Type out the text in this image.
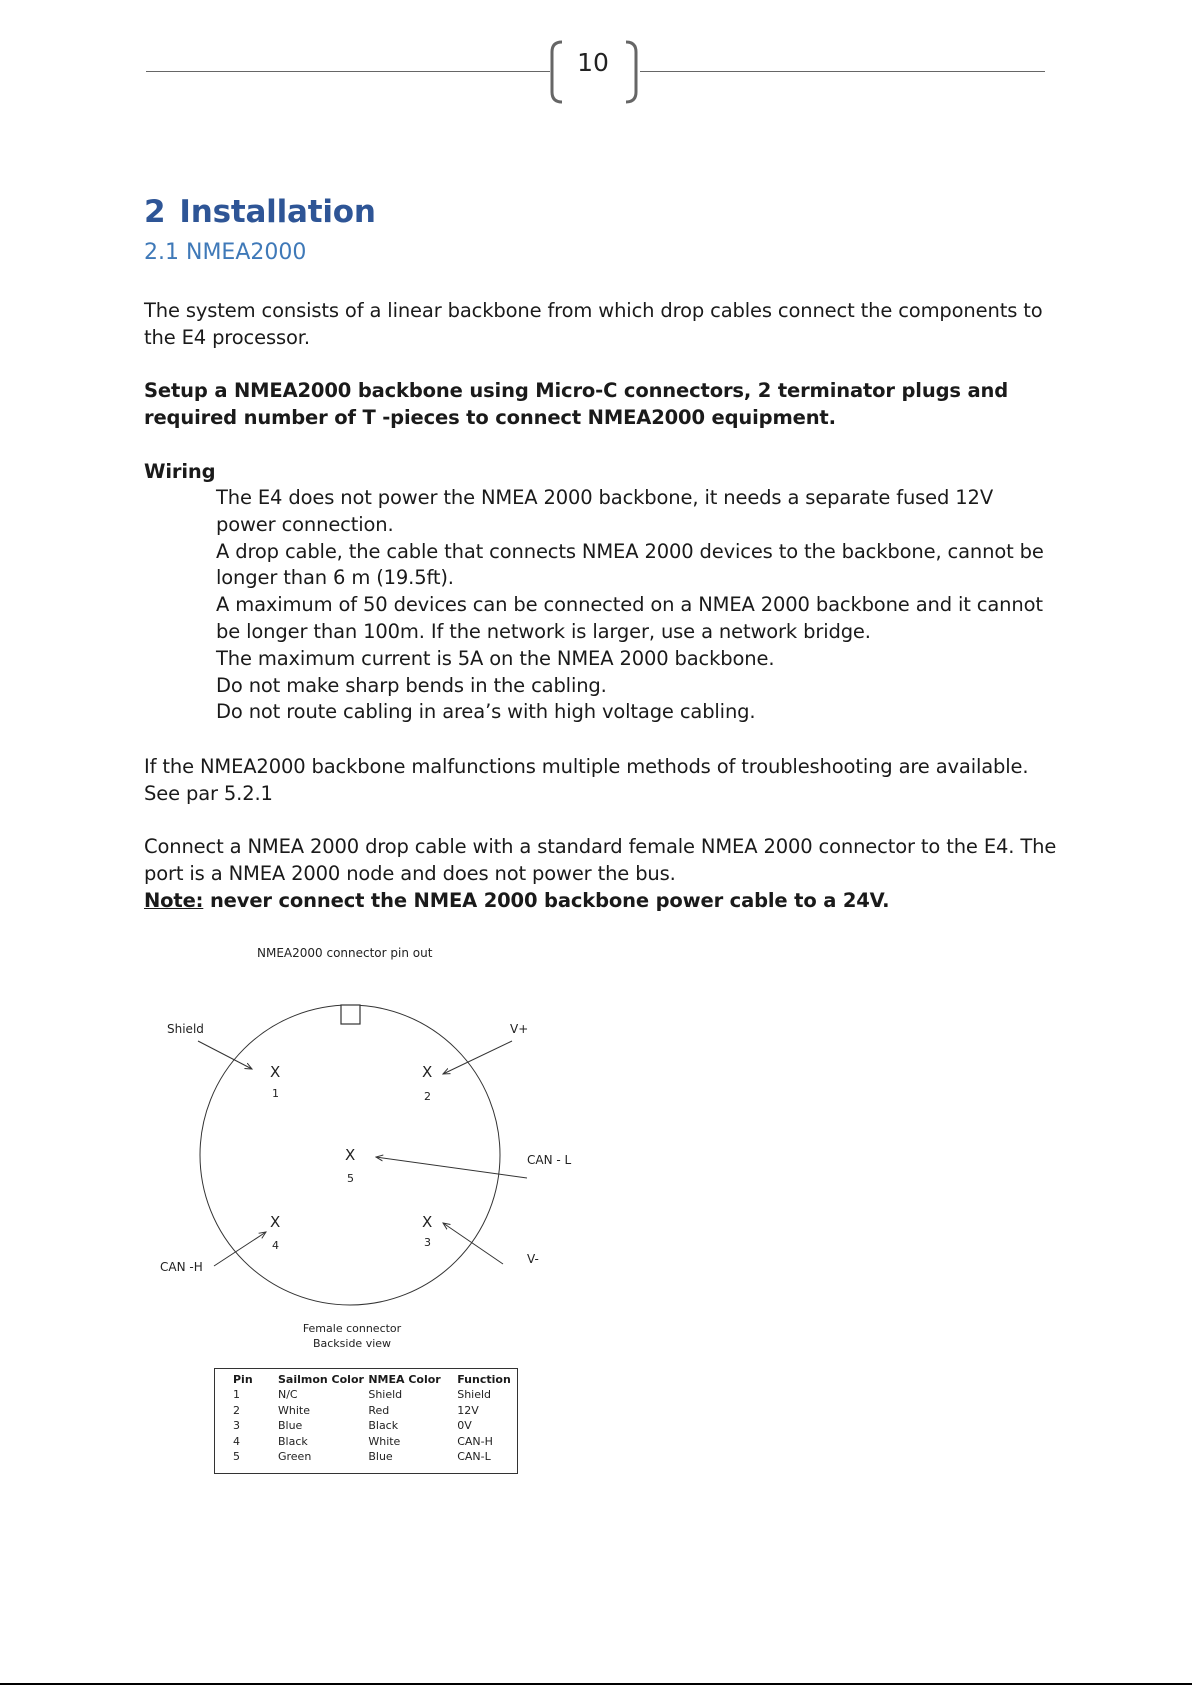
10
2 Installation
2.1 NMEA2000
The system consists of a linear backbone from which drop cables connect the components to the E4 processor.
Setup a NMEA2000 backbone using Micro-C connectors, 2 terminator plugs and required number of T -pieces to connect NMEA2000 equipment.
Wiring
The E4 does not power the NMEA 2000 backbone, it needs a separate fused 12V power connection.
A drop cable, the cable that connects NMEA 2000 devices to the backbone, cannot be longer than 6 m (19.5ft).
A maximum of 50 devices can be connected on a NMEA 2000 backbone and it cannot be longer than 100m. If the network is larger, use a network bridge.
The maximum current is 5A on the NMEA 2000 backbone.
Do not make sharp bends in the cabling.
Do not route cabling in area’s with high voltage cabling.
If the NMEA2000 backbone malfunctions multiple methods of troubleshooting are available. See par 5.2.1
Connect a NMEA 2000 drop cable with a standard female NMEA 2000 connector to the E4. The port is a NMEA 2000 node and does not power the bus.
Note: never connect the NMEA 2000 backbone power cable to a 24V.
NMEA2000 connector pin out
X
1
X
2
X
5
X
4
X
3
Shield	V+
CAN - L
CAN -H
V-
Female connector
Backside view
Pin	Sailmon Color	NMEA Color	Function
1	N/C	Shield	Shield
2	White	Red	12V
3	Blue	Black	0V
4	Black	White	CAN-H
5	Green	Blue	CAN-L
